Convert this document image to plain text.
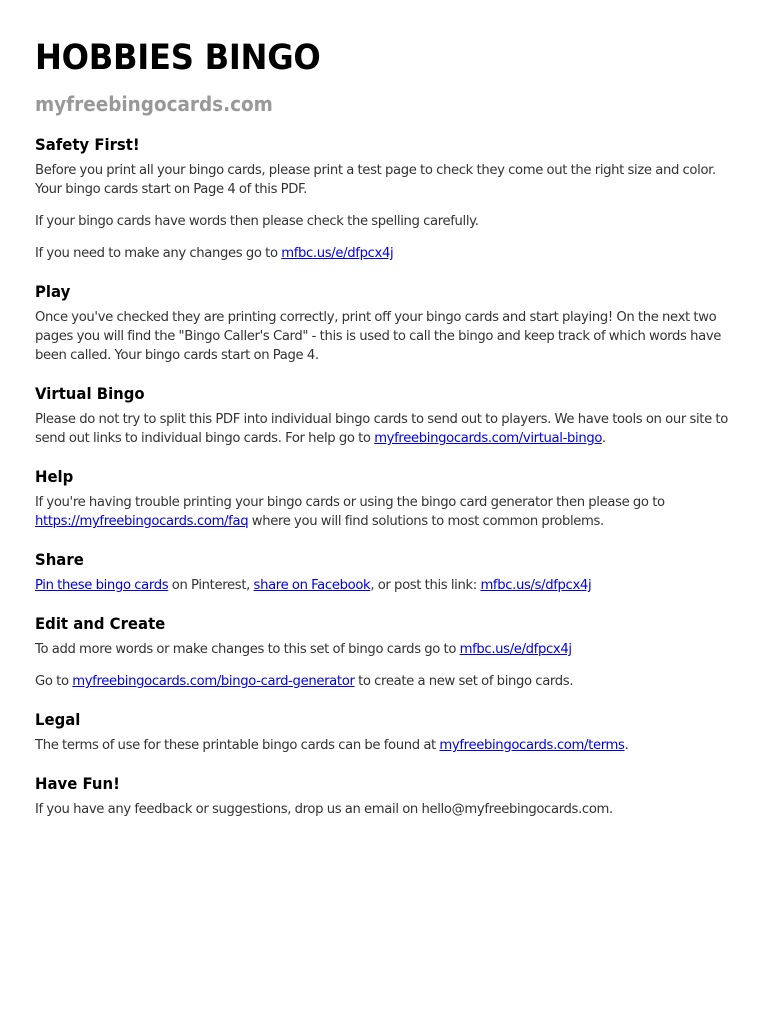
HOBBIES BINGO
myfreebingocards.com
Safety First!

Before you print all your bingo cards, please print a test page to check they come out the right size and color. Your bingo cards start on Page 4 of this PDF.

If your bingo cards have words then please check the spelling carefully.

If you need to make any changes go to mfbc.us/e/dfpcx4j

Play

Once you've checked they are printing correctly, print off your bingo cards and start playing! On the next two pages you will find the "Bingo Caller's Card" - this is used to call the bingo and keep track of which words have been called. Your bingo cards start on Page 4.

Virtual Bingo

Please do not try to split this PDF into individual bingo cards to send out to players. We have tools on our site to send out links to individual bingo cards. For help go to myfreebingocards.com/virtual-bingo.

Help

If you're having trouble printing your bingo cards or using the bingo card generator then please go to https://myfreebingocards.com/faq where you will find solutions to most common problems.

Share

Pin these bingo cards on Pinterest, share on Facebook, or post this link: mfbc.us/s/dfpcx4j

Edit and Create

To add more words or make changes to this set of bingo cards go to mfbc.us/e/dfpcx4j

Go to myfreebingocards.com/bingo-card-generator to create a new set of bingo cards.

Legal

The terms of use for these printable bingo cards can be found at myfreebingocards.com/terms.

Have Fun!

If you have any feedback or suggestions, drop us an email on hello@myfreebingocards.com.
